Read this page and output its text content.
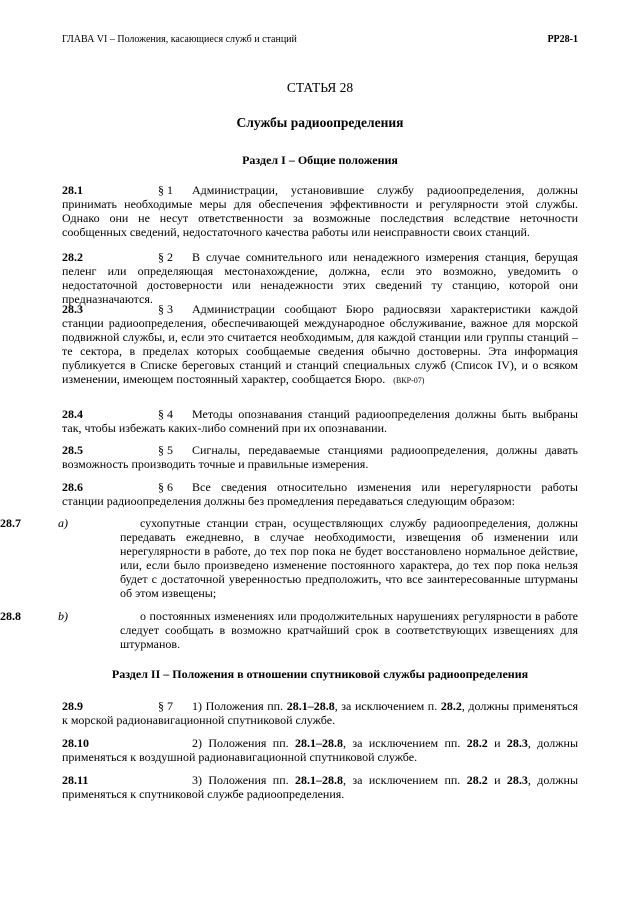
ГЛАВА VI – Положения, касающиеся служб и станций	PP28-1
СТАТЬЯ 28
Службы радиоопределения
Раздел I – Общие положения
28.1	§ 1 Администрации, установившие службу радиоопределения, должны принимать необходимые меры для обеспечения эффективности и регулярности этой службы. Однако они не несут ответственности за возможные последствия вследствие неточности сообщенных сведений, недостаточного качества работы или неисправности своих станций.
28.2	§ 2 В случае сомнительного или ненадежного измерения станция, берущая пеленг или определяющая местонахождение, должна, если это возможно, уведомить о недостаточной достоверности или ненадежности этих сведений ту станцию, которой они предназначаются.
28.3	§ 3 Администрации сообщают Бюро радиосвязи характеристики каждой станции радиоопределения, обеспечивающей международное обслуживание, важное для морской подвижной службы, и, если это считается необходимым, для каждой станции или группы станций – те сектора, в пределах которых сообщаемые сведения обычно достоверны. Эта информация публикуется в Списке береговых станций и станций специальных служб (Список IV), и о всяком изменении, имеющем постоянный характер, сообщается Бюро. (ВКР-07)
28.4	§ 4 Методы опознавания станций радиоопределения должны быть выбраны так, чтобы избежать каких-либо сомнений при их опознавании.
28.5	§ 5 Сигналы, передаваемые станциями радиоопределения, должны давать возможность производить точные и правильные измерения.
28.6	§ 6 Все сведения относительно изменения или нерегулярности работы станции радиоопределения должны без промедления передаваться следующим образом:
28.7	a)	сухопутные станции стран, осуществляющих службу радиоопределения, должны передавать ежедневно, в случае необходимости, извещения об изменении или нерегулярности в работе, до тех пор пока не будет восстановлено нормальное действие, или, если было произведено изменение постоянного характера, до тех пор пока нельзя будет с достаточной уверенностью предположить, что все заинтересованные штурманы об этом извещены;
28.8	b)	о постоянных изменениях или продолжительных нарушениях регулярности в работе следует сообщать в возможно кратчайший срок в соответствующих извещениях для штурманов.
Раздел II – Положения в отношении спутниковой службы радиоопределения
28.9	§ 7 1) Положения пп. 28.1–28.8, за исключением п. 28.2, должны применяться к морской радионавигационной спутниковой службе.
28.10	2) Положения пп. 28.1–28.8, за исключением пп. 28.2 и 28.3, должны применяться к воздушной радионавигационной спутниковой службе.
28.11	3) Положения пп. 28.1–28.8, за исключением пп. 28.2 и 28.3, должны применяться к спутниковой службе радиоопределения.
